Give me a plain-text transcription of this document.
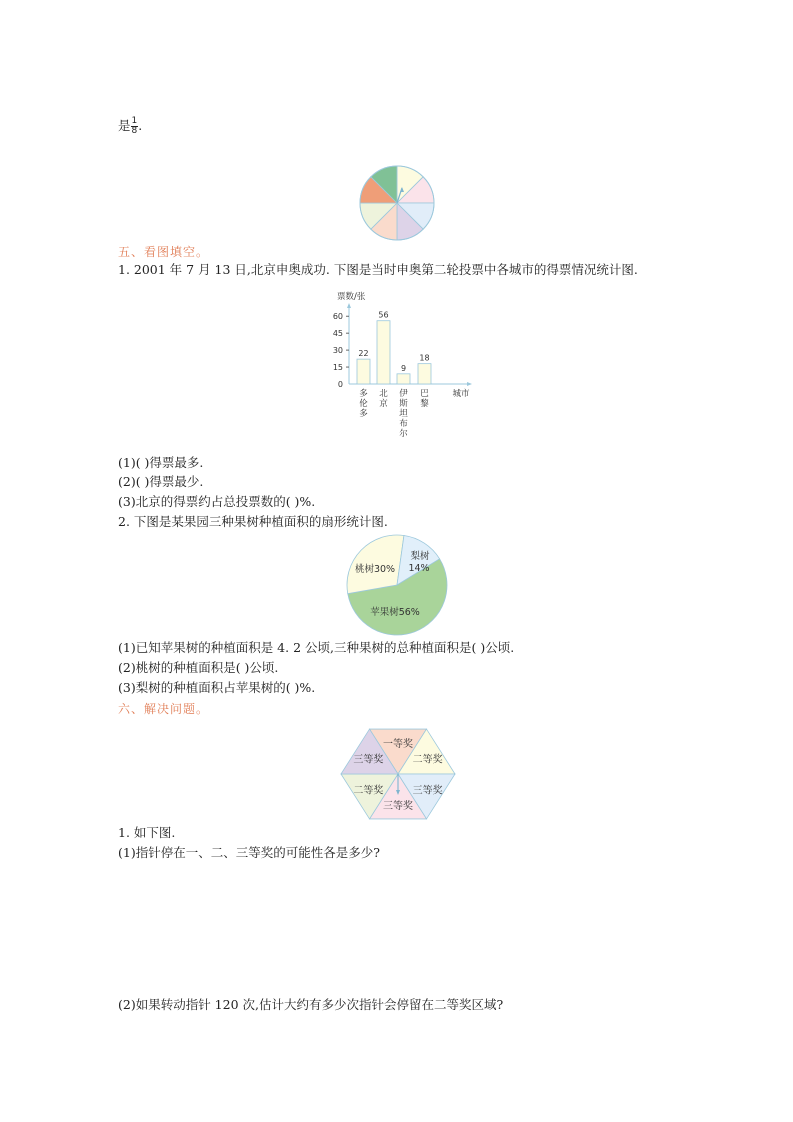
是 $\frac{1}{8}$ .
五、看图填空。
1. 2001 年 7 月 13 日,北京申奥成功. 下图是当时申奥第二轮投票中各城市的得票情况统计图.
票数/张
0
15
30
45
60
22
多
伦
多
56
北
京
9
伊
斯
坦
布
尔
18
巴
黎
城市
(1)( )得票最多.
(2)( )得票最少.
(3)北京的得票约占总投票数的( )%.
2. 下图是某果园三种果树种植面积的扇形统计图.
苹果树56%
桃树30%
梨树
14%
(1)已知苹果树的种植面积是 4. 2 公顷,三种果树的总种植面积是( )公顷.
(2)桃树的种植面积是( )公顷.
(3)梨树的种植面积占苹果树的( )%.
六、解决问题。
一等奖
二等奖
三等奖
三等奖
二等奖
三等奖
1. 如下图.
(1)指针停在一、二、三等奖的可能性各是多少?
(2)如果转动指针 120 次,估计大约有多少次指针会停留在二等奖区域?
